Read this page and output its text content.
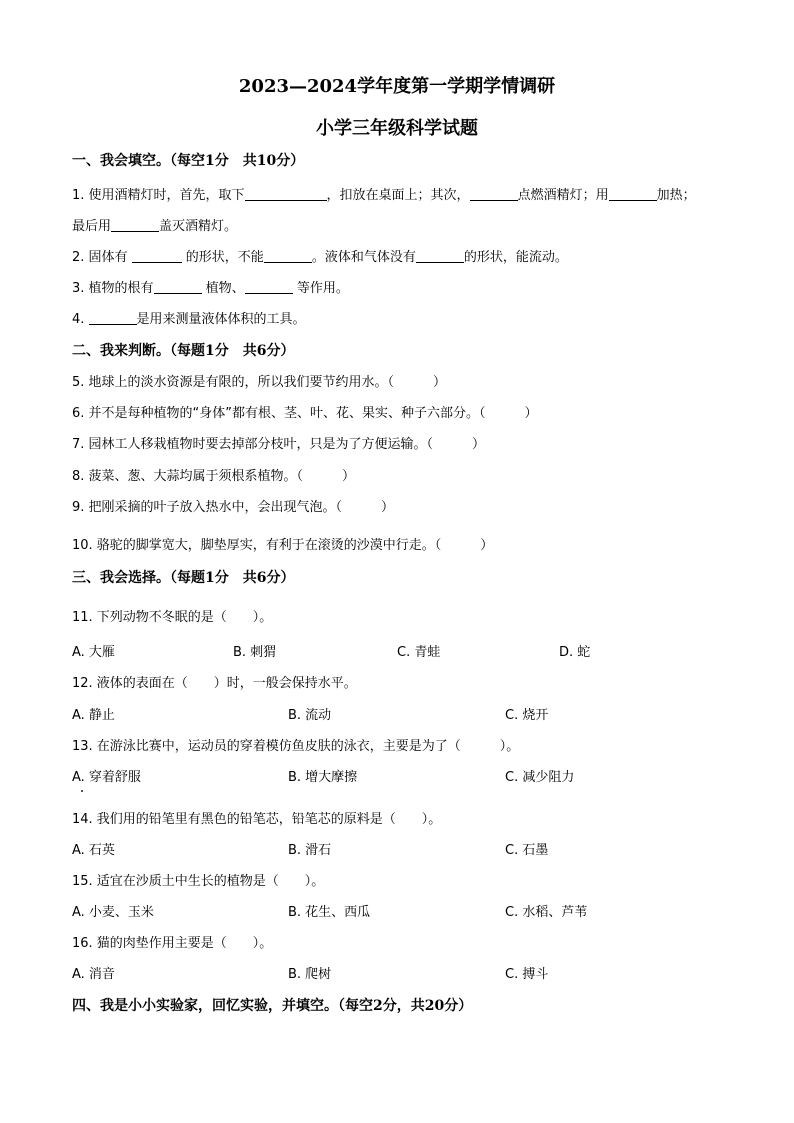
2023—2024学年度第一学期学情调研
小学三年级科学试题
一、我会填空。（每空1分　共10分）
1. 使用酒精灯时，首先，取下	，扣放在桌面上；其次，	点燃酒精灯；用	加热；
最后用	盖灭酒精灯。
2. 固体有	的形状，不能	。液体和气体没有	的形状，能流动。
3. 植物的根有	植物、	等作用。
4.	是用来测量液体体积的工具。
二、我来判断。（每题1分　共6分）
5. 地球上的淡水资源是有限的，所以我们要节约用水。（　　　）
6. 并不是每种植物的“身体”都有根、茎、叶、花、果实、种子六部分。（　　　）
7. 园林工人移栽植物时要去掉部分枝叶，只是为了方便运输。（　　　）
8. 菠菜、葱、大蒜均属于须根系植物。（　　　）
9. 把刚采摘的叶子放入热水中，会出现气泡。（　　　）
10. 骆驼的脚掌宽大，脚垫厚实，有利于在滚烫的沙漠中行走。（　　　）
三、我会选择。（每题1分　共6分）
11. 下列动物不冬眠的是（　　）。
A. 大雁	B. 刺猬	C. 青蛙	D. 蛇
12. 液体的表面在（　　）时，一般会保持水平。
A. 静止	B. 流动	C. 烧开
13. 在游泳比赛中，运动员的穿着模仿鱼皮肤的泳衣，主要是为了（　　　）。
A. 穿着舒服	B. 增大摩擦	C. 减少阻力
14. 我们用的铅笔里有黑色的铅笔芯，铅笔芯的原料是（　　）。
A. 石英	B. 滑石	C. 石墨
15. 适宜在沙质土中生长的植物是（　　）。
A. 小麦、玉米	B. 花生、西瓜	C. 水稻、芦苇
16. 猫的肉垫作用主要是（　　）。
A. 消音	B. 爬树	C. 搏斗
四、我是小小实验家，回忆实验，并填空。（每空2分，共20分）
